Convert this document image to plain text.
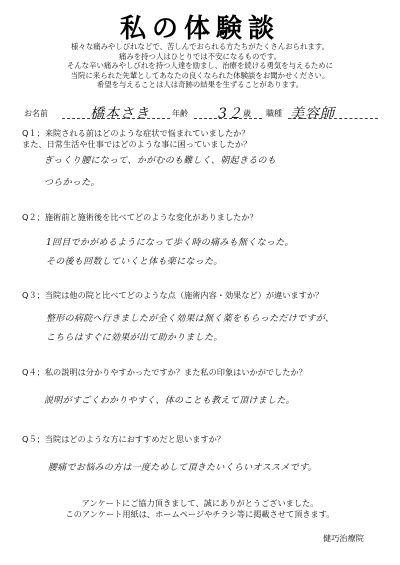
私の体験談
様々な痛みやしびれなどで、苦しんでおられる方たちがたくさんおられます。
痛みを持つ人はひとりでは不安になるものです。
そんな辛い痛みやしびれを持つ人達を励まし、治療を続ける勇気を与えるために
当院に来られた先輩としてあなたの良くなられた体験談をお聞かせください。
希望を与えることは人は奇跡の結果を生ずることがあります。
お名前	橋本さき	年齢 3２ 歳 職種 美容師
Q１；来院される前はどのような症状で悩まれていましたか？
また、日常生活や仕事ではどのような事に困っていましたか？
ぎっくり腰になって、かがむのも難しく、朝起きるのも
つらかった。
Q２；施術前と施術後を比べてどのような変化がありましたか？
1回目でかがめるようになって歩く時の痛みも無くなった。
その後も回数していくと体も楽になった。
Q３；当院は他の院と比べてどのような点（施術内容・効果など）が違いますか？
整形の病院へ行きましたが全く効果は無く薬をもらっただけですが、
こちらはすぐに効果が出て助かりました。
Q４；私の説明は分かりやすかったですか？また私の印象はいかがでしたか？
説明がすごくわかりやすく、体のことも教えて頂けました。
Q５；当院はどのような方におすすめだと思いますか？
腰痛でお悩みの方は一度ためして頂きたいくらいオススメです。
アンケートにご協力頂きまして、誠にありがとうございました。
このアンケート用紙は、ホームページやチラシ等に掲載させて頂きます。
健巧治療院
